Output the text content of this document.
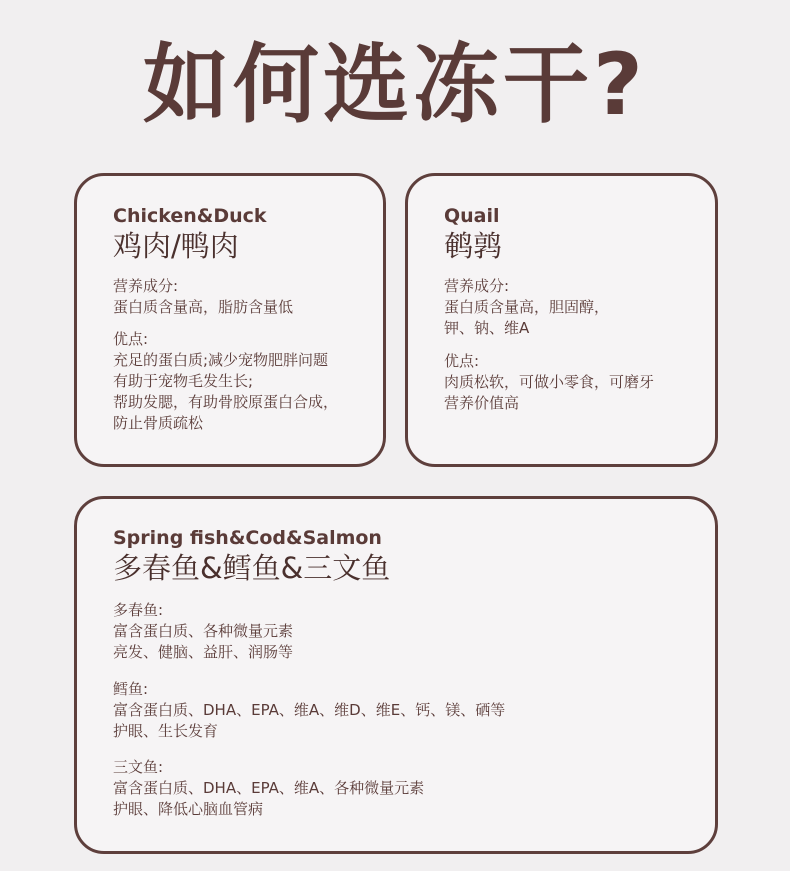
如何选冻干?
Chicken&Duck
鸡肉/鸭肉
营养成分:
蛋白质含量高，脂肪含量低
优点:
充足的蛋白质;减少宠物肥胖问题
有助于宠物毛发生长;
帮助发腮，有助骨胶原蛋白合成，
防止骨质疏松
Quail
鹌鹑
营养成分:
蛋白质含量高，胆固醇，
钾、钠、维A
优点:
肉质松软，可做小零食，可磨牙
营养价值高
Spring fish&Cod&Salmon
多春鱼&鳕鱼&三文鱼
多春鱼:
富含蛋白质、各种微量元素
亮发、健脑、益肝、润肠等
鳕鱼:
富含蛋白质、DHA、EPA、维A、维D、维E、钙、镁、硒等
护眼、生长发育
三文鱼:
富含蛋白质、DHA、EPA、维A、各种微量元素
护眼、降低心脑血管病
